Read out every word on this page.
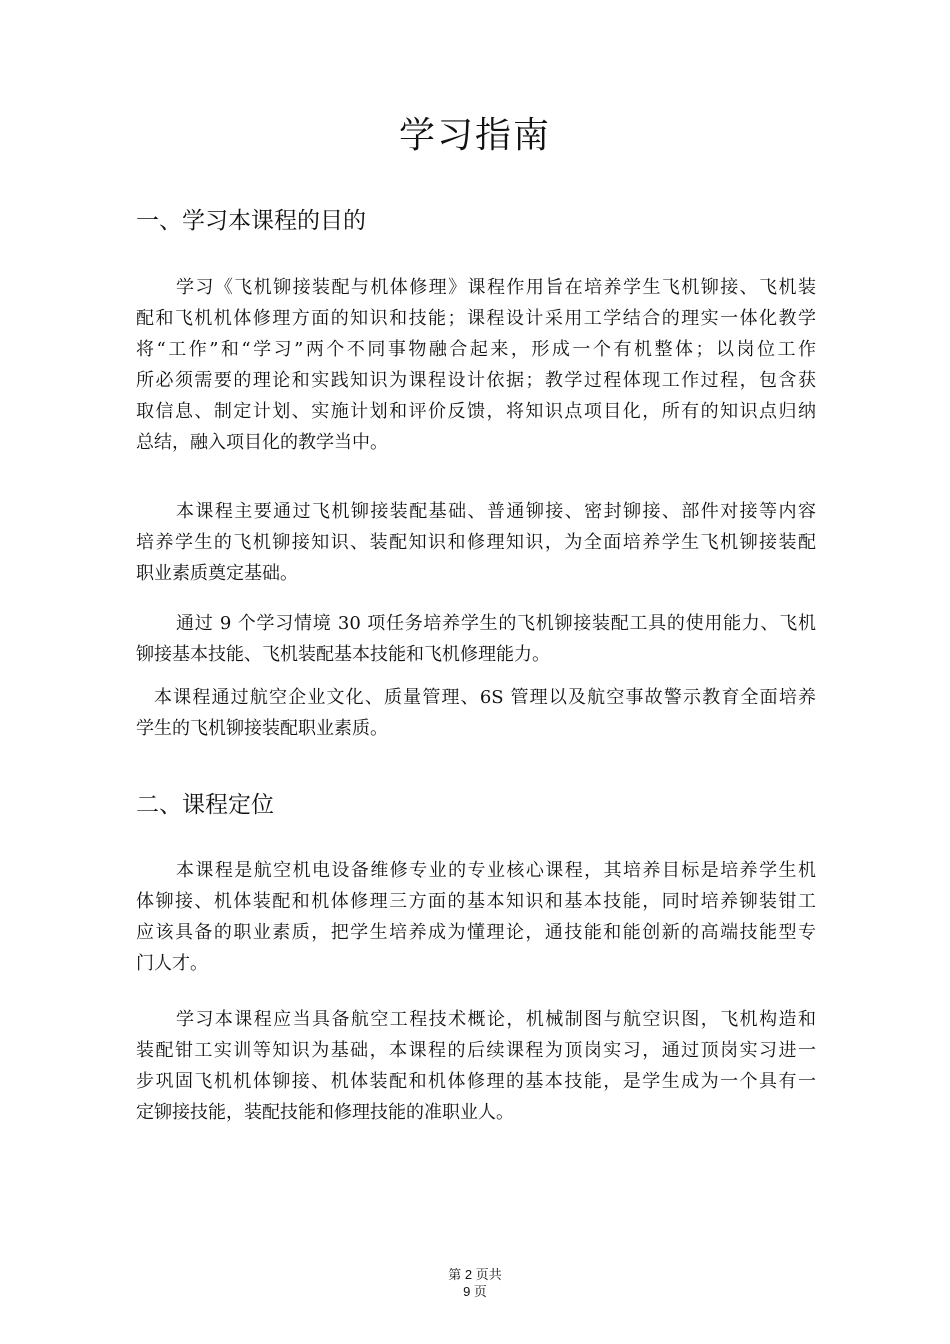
学习指南
一、学习本课程的目的

学习《飞机铆接装配与机体修理》课程作用旨在培养学生飞机铆接、飞机装
配和飞机机体修理方面的知识和技能；课程设计采用工学结合的理实一体化教学
将“工作”和“学习”两个不同事物融合起来，形成一个有机整体；以岗位工作
所必须需要的理论和实践知识为课程设计依据；教学过程体现工作过程，包含获
取信息、制定计划、实施计划和评价反馈，将知识点项目化，所有的知识点归纳
总结，融入项目化的教学当中。

本课程主要通过飞机铆接装配基础、普通铆接、密封铆接、部件对接等内容
培养学生的飞机铆接知识、装配知识和修理知识，为全面培养学生飞机铆接装配
职业素质奠定基础。

通过 9 个学习情境 30 项任务培养学生的飞机铆接装配工具的使用能力、飞机
铆接基本技能、飞机装配基本技能和飞机修理能力。

本课程通过航空企业文化、质量管理、6S 管理以及航空事故警示教育全面培养
学生的飞机铆接装配职业素质。

二、课程定位

本课程是航空机电设备维修专业的专业核心课程，其培养目标是培养学生机
体铆接、机体装配和机体修理三方面的基本知识和基本技能，同时培养铆装钳工
应该具备的职业素质，把学生培养成为懂理论，通技能和能创新的高端技能型专
门人才。

学习本课程应当具备航空工程技术概论，机械制图与航空识图，飞机构造和
装配钳工实训等知识为基础，本课程的后续课程为顶岗实习，通过顶岗实习进一
步巩固飞机机体铆接、机体装配和机体修理的基本技能，是学生成为一个具有一
定铆接技能，装配技能和修理技能的准职业人。

第 2 页共
9 页
